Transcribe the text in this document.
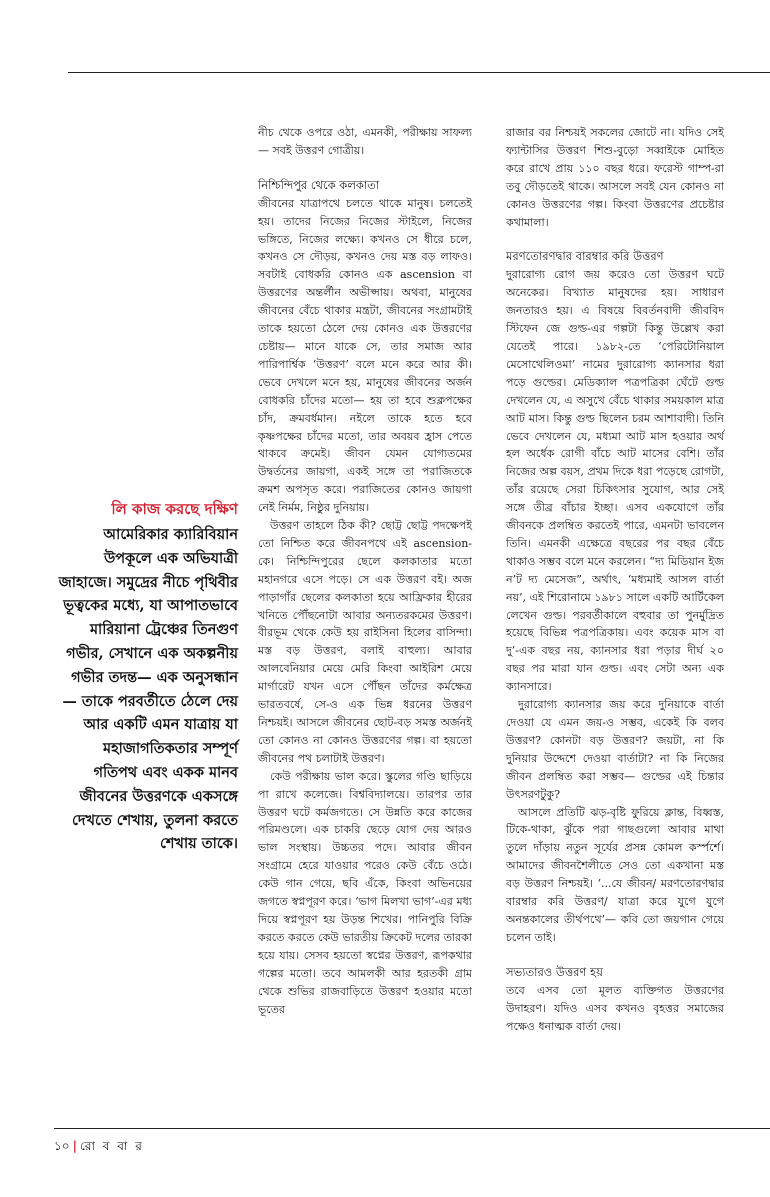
লি কাজ করছে দক্ষিণ
আমেরিকার ক্যারিবিয়ান উপকূলে এক অভিযাত্রী জাহাজে। সমুদ্রের নীচে পৃথিবীর ভূত্বকের মধ্যে, যা আপাতভাবে মারিয়ানা ট্রেঞ্চের তিনগুণ গভীর, সেখানে এক অকল্পনীয় গভীর তদন্ত— এক অনুসন্ধান— তাকে পরবর্তীতে ঠেলে দেয় আর একটি এমন যাত্রায় যা মহাজাগতিকতার সম্পূর্ণ গতিপথ এবং একক মানব জীবনের উত্তরণকে একসঙ্গে দেখতে শেখায়, তুলনা করতে শেখায় তাকে।

নীচ থেকে ওপরে ওঠা, এমনকী, পরীক্ষায় সাফল্য— সবই উত্তরণ গোত্রীয়।

নিশ্চিন্দিপুর থেকে কলকাতা

জীবনের যাত্রাপথে চলতে থাকে মানুষ। চলতেই হয়। তাদের নিজের নিজের স্টাইলে, নিজের ভঙ্গিতে, নিজের লক্ষ্যে। কখনও সে ধীরে চলে, কখনও সে দৌড়য়, কখনও দেয় মস্ত বড় লাফও। সবটাই বোধকরি কোনও এক ascension বা উত্তরণের অন্তর্লীন অভীপ্সায়। অথবা, মানুষের জীবনের বেঁচে থাকার মন্ত্রটা, জীবনের সংগ্রামটাই তাকে হয়তো ঠেলে দেয় কোনও এক উত্তরণের চেষ্টায়— মানে যাকে সে, তার সমাজ আর পারিপার্শ্বিক ‘উত্তরণ’ বলে মনে করে আর কী। ভেবে দেখলে মনে হয়, মানুষের জীবনের অর্জন বোধকরি চাঁদের মতো— হয় তা হবে শুক্লপক্ষের চাঁদ, ক্রমবর্ধমান। নইলে তাকে হতে হবে কৃষ্ণপক্ষের চাঁদের মতো, তার অবয়ব হ্রাস পেতে থাকবে ক্রমেই। জীবন যেমন যোগ্যতমের উদ্বর্তনের জায়গা, একই সঙ্গে তা পরাজিতকে ক্রমশ অপসৃত করে। পরাজিতের কোনও জায়গা নেই নির্মম, নিষ্ঠুর দুনিয়ায়।

উত্তরণ তাহলে ঠিক কী? ছোট্ট ছোট্ট পদক্ষেপই তো নিশ্চিত করে জীবনপথে এই ascension-কে। নিশ্চিন্দিপুরের ছেলে কলকাতার মতো মহানগরে এসে পড়ে। সে এক উত্তরণ বই। অজ পাড়াগাঁর ছেলের কলকাতা হয়ে আফ্রিকার হীরের খনিতে পৌঁছনোটা আবার অন্যতরকমের উত্তরণ। বীরভূম থেকে কেউ হয় রাইসিনা হিলের বাসিন্দা। মস্ত বড় উত্তরণ, বলাই বাহুল্য। আবার আলবেনিয়ার মেয়ে মেরি কিংবা আইরিশ মেয়ে মার্গারেট যখন এসে পৌঁছন তাঁদের কর্মক্ষেত্র ভারতবর্ষে, সে-ও এক ভিন্ন ধরনের উত্তরণ নিশ্চয়ই। আসলে জীবনের ছোট-বড় সমস্ত অর্জনই তো কোনও না কোনও উত্তরণের গল্প। বা হয়তো জীবনের পথ চলাটাই উত্তরণ।

কেউ পরীক্ষায় ভাল করে। স্কুলের গণ্ডি ছাড়িয়ে পা রাখে কলেজে। বিশ্ববিদ্যালয়ে। তারপর তার উত্তরণ ঘটে কর্মজগতে। সে উন্নতি করে কাজের পরিমণ্ডলে। এক চাকরি ছেড়ে যোগ দেয় আরও ভাল সংস্থায়। উচ্চতর পদে। আবার জীবন সংগ্রামে হেরে যাওয়ার পরেও কেউ বেঁচে ওঠে। কেউ গান গেয়ে, ছবি এঁকে, কিংবা অভিনয়ের জগতে স্বপ্নপূরণ করে। ‘ভাগ মিলখা ভাগ’-এর মধ্য দিয়ে স্বপ্নপূরণ হয় উড়ন্ত শিখের। পানিপুরি বিক্রি করতে করতে কেউ ভারতীয় ক্রিকেট দলের তারকা হয়ে যায়। সেসব হয়তো স্বপ্নের উত্তরণ, রূপকথার গল্পের মতো। তবে আমলকী আর হরতকী গ্রাম থেকে শুভির রাজবাড়িতে উত্তরণ হওয়ার মতো ভূতের

রাজার বর নিশ্চয়ই সকলের জোটে না। যদিও সেই ফ্যান্টাসির উত্তরণ শিশু-বুড়ো সব্বাইকে মোহিত করে রাখে প্রায় ১১০ বছর ধরে। ফরেস্ট গাম্প-রা তবু দৌড়তেই থাকে। আসলে সবই যেন কোনও না কোনও উত্তরণের গল্প। কিংবা উত্তরণের প্রচেষ্টার কথামালা।

মরণতোরণদ্বার বারম্বার করি উত্তরণ

দুরারোগ্য রোগ জয় করেও তো উত্তরণ ঘটে অনেকের। বিখ্যাত মানুষদের হয়। সাধারণ জনতারও হয়। এ বিষয়ে বিবর্তনবাদী জীববিদ স্টিফেন জে গুল্ড-এর গল্পটা কিন্তু উল্লেখ করা যেতেই পারে। ১৯৮২-তে ‘পেরিটোনিয়াল মেসোথেলিওমা’ নামের দুরারোগ্য ক্যানসার ধরা পড়ে গুল্ডের। মেডিক্যাল পত্রপত্রিকা ঘেঁটে গুল্ড দেখলেন যে, এ অসুখে বেঁচে থাকার সময়কাল মাত্র আট মাস। কিন্তু গুল্ড ছিলেন চরম আশাবাদী। তিনি ভেবে দেখলেন যে, মধ্যমা আট মাস হওয়ার অর্থ হল অর্ধেক রোগী বাঁচে আট মাসের বেশি। তাঁর নিজের অল্প বয়স, প্রথম দিকে ধরা পড়েছে রোগটা, তাঁর রয়েছে সেরা চিকিৎসার সুযোগ, আর সেই সঙ্গে তীব্র বাঁচার ইচ্ছা। এসব একযোগে তাঁর জীবনকে প্রলম্বিত করতেই পারে, এমনটা ভাবলেন তিনি। এমনকী এক্ষেত্রে বছরের পর বছর বেঁচে থাকাও সম্ভব বলে মনে করলেন। “দ্য মিডিয়ান ইজ ন’ট দ্য মেসেজ”, অর্থাৎ, ‘মধ্যমাই আসল বার্তা নয়’, এই শিরোনামে ১৯৮১ সালে একটি আর্টিকেল লেখেন গুল্ড। পরবর্তীকালে বহুবার তা পুনর্মুদ্রিত হয়েছে বিভিন্ন পত্রপত্রিকায়। এবং কয়েক মাস বা দু’-এক বছর নয়, ক্যানসার ধরা পড়ার দীর্ঘ ২০ বছর পর মারা যান গুল্ড। এবং সেটা অন্য এক ক্যানসারে।

দুরারোগ্য ক্যানসার জয় করে দুনিয়াকে বার্তা দেওয়া যে এমন জয়-ও সম্ভব, একেই কি বলব উত্তরণ? কোনটা বড় উত্তরণ? জয়টা, না কি দুনিয়ার উদ্দেশে দেওয়া বার্তাটা? না কি নিজের জীবন প্রলম্বিত করা সম্ভব— গুল্ডের এই চিন্তার উৎসরণটুকু?

আসলে প্রতিটি ঝড়-বৃষ্টি ফুরিয়ে ক্লান্ত, বিধ্বস্ত, টিকে-থাকা, ঝুঁকে পরা গাছগুলো আবার মাথা তুলে দাঁড়ায় নতুন সূর্যের প্রসন্ন কোমল কর্স্পর্শে। আমাদের জীবনশৈলীতে সেও তো একখানা মস্ত বড় উত্তরণ নিশ্চয়ই। ‘...যে জীবন/ মরণতোরণদ্বার বারম্বার করি উত্তরণ/ যাত্রা করে যুগে যুগে অনন্তকালের তীর্থপথে’— কবি তো জয়গান গেয়ে চলেন তাই।

সভ্যতারও উত্তরণ হয়

তবে এসব তো মূলত ব্যক্তিগত উত্তরণের উদাহরণ। যদিও এসব কখনও বৃহত্তর সমাজের পক্ষেও ধনাত্মক বার্তা দেয়।

১০ | রো ব বা র
